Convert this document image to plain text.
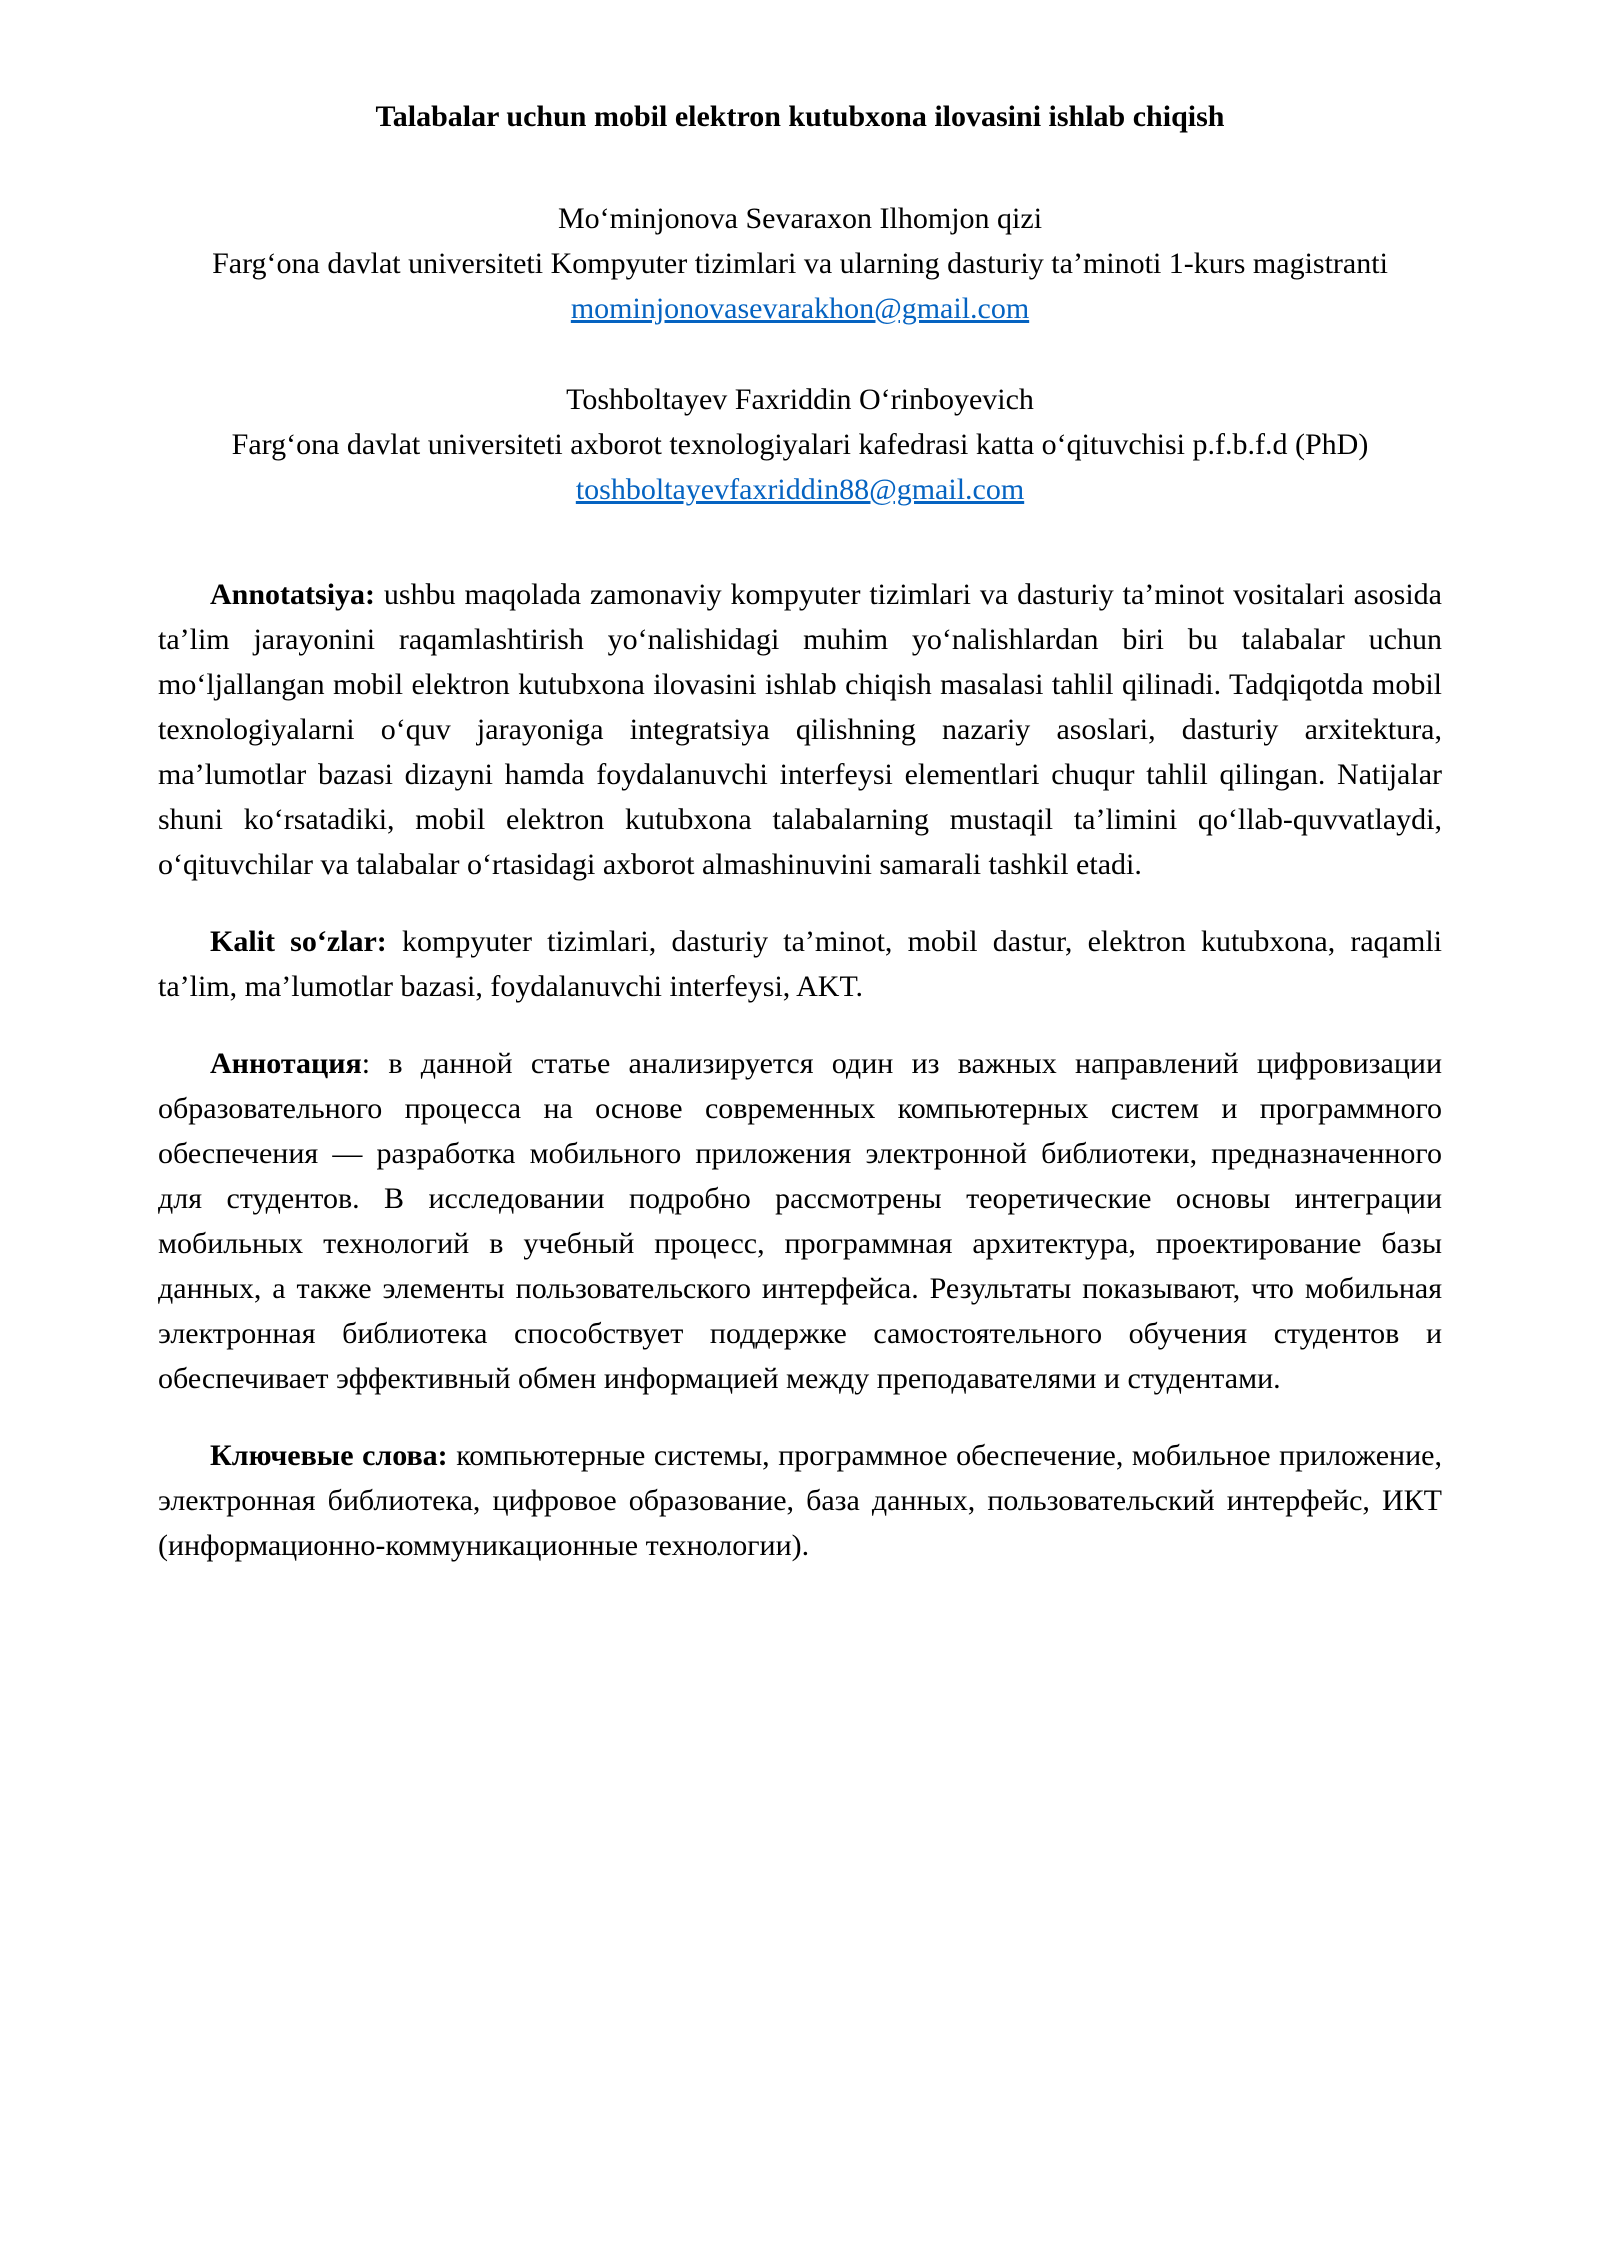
Talabalar uchun mobil elektron kutubxona ilovasini ishlab chiqish
Moʻminjonova Sevaraxon Ilhomjon qizi
Fargʻona davlat universiteti Kompyuter tizimlari va ularning dasturiy ta’minoti 1-kurs magistranti mominjonovasevarakhon@gmail.com
Toshboltayev Faxriddin Oʻrinboyevich
Fargʻona davlat universiteti axborot texnologiyalari kafedrasi katta oʻqituvchisi p.f.b.f.d (PhD) toshboltayevfaxriddin88@gmail.com

Annotatsiya: ushbu maqolada zamonaviy kompyuter tizimlari va dasturiy ta’minot vositalari asosida ta’lim jarayonini raqamlashtirish yoʻnalishidagi muhim yoʻnalishlardan biri bu talabalar uchun moʻljallangan mobil elektron kutubxona ilovasini ishlab chiqish masalasi tahlil qilinadi. Tadqiqotda mobil texnologiyalarni oʻquv jarayoniga integratsiya qilishning nazariy asoslari, dasturiy arxitektura, ma’lumotlar bazasi dizayni hamda foydalanuvchi interfeysi elementlari chuqur tahlil qilingan. Natijalar shuni koʻrsatadiki, mobil elektron kutubxona talabalarning mustaqil ta’limini qoʻllab-quvvatlaydi, oʻqituvchilar va talabalar oʻrtasidagi axborot almashinuvini samarali tashkil etadi.

Kalit soʻzlar: kompyuter tizimlari, dasturiy ta’minot, mobil dastur, elektron kutubxona, raqamli ta’lim, ma’lumotlar bazasi, foydalanuvchi interfeysi, AKT.

Аннотация: в данной статье анализируется один из важных направлений цифровизации образовательного процесса на основе современных компьютерных систем и программного обеспечения — разработка мобильного приложения электронной библиотеки, предназначенного для студентов. В исследовании подробно рассмотрены теоретические основы интеграции мобильных технологий в учебный процесс, программная архитектура, проектирование базы данных, а также элементы пользовательского интерфейса. Результаты показывают, что мобильная электронная библиотека способствует поддержке самостоятельного обучения студентов и обеспечивает эффективный обмен информацией между преподавателями и студентами.

Ключевые слова: компьютерные системы, программное обеспечение, мобильное приложение, электронная библиотека, цифровое образование, база данных, пользовательский интерфейс, ИКТ (информационно-коммуникационные технологии).
